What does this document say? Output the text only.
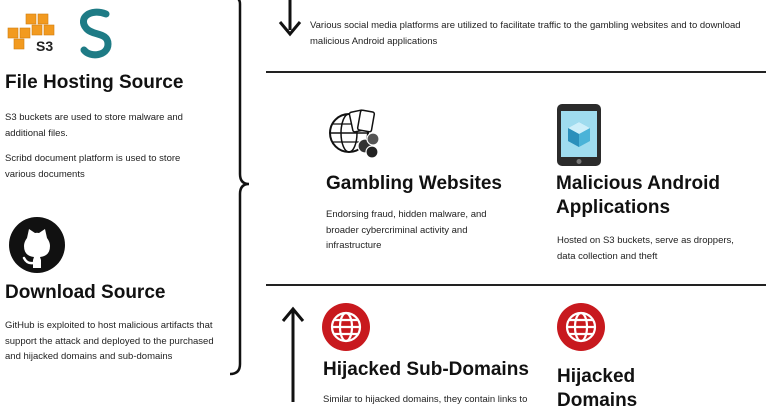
S3
File Hosting Source

S3 buckets are used to store malware and additional files.

Scribd document platform is used to store various documents

Download Source

GitHub is exploited to host malicious artifacts that support the attack and deployed to the purchased and hijacked domains and sub-domains

Various social media platforms are utilized to facilitate traffic to the gambling websites and to download malicious Android applications

Gambling Websites

Endorsing fraud, hidden malware, and broader cybercriminal activity and infrastructure

Malicious Android Applications

Hosted on S3 buckets, serve as droppers, data collection and theft

Hijacked Sub-Domains

Similar to hijacked domains, they contain links to

Hijacked Domains
